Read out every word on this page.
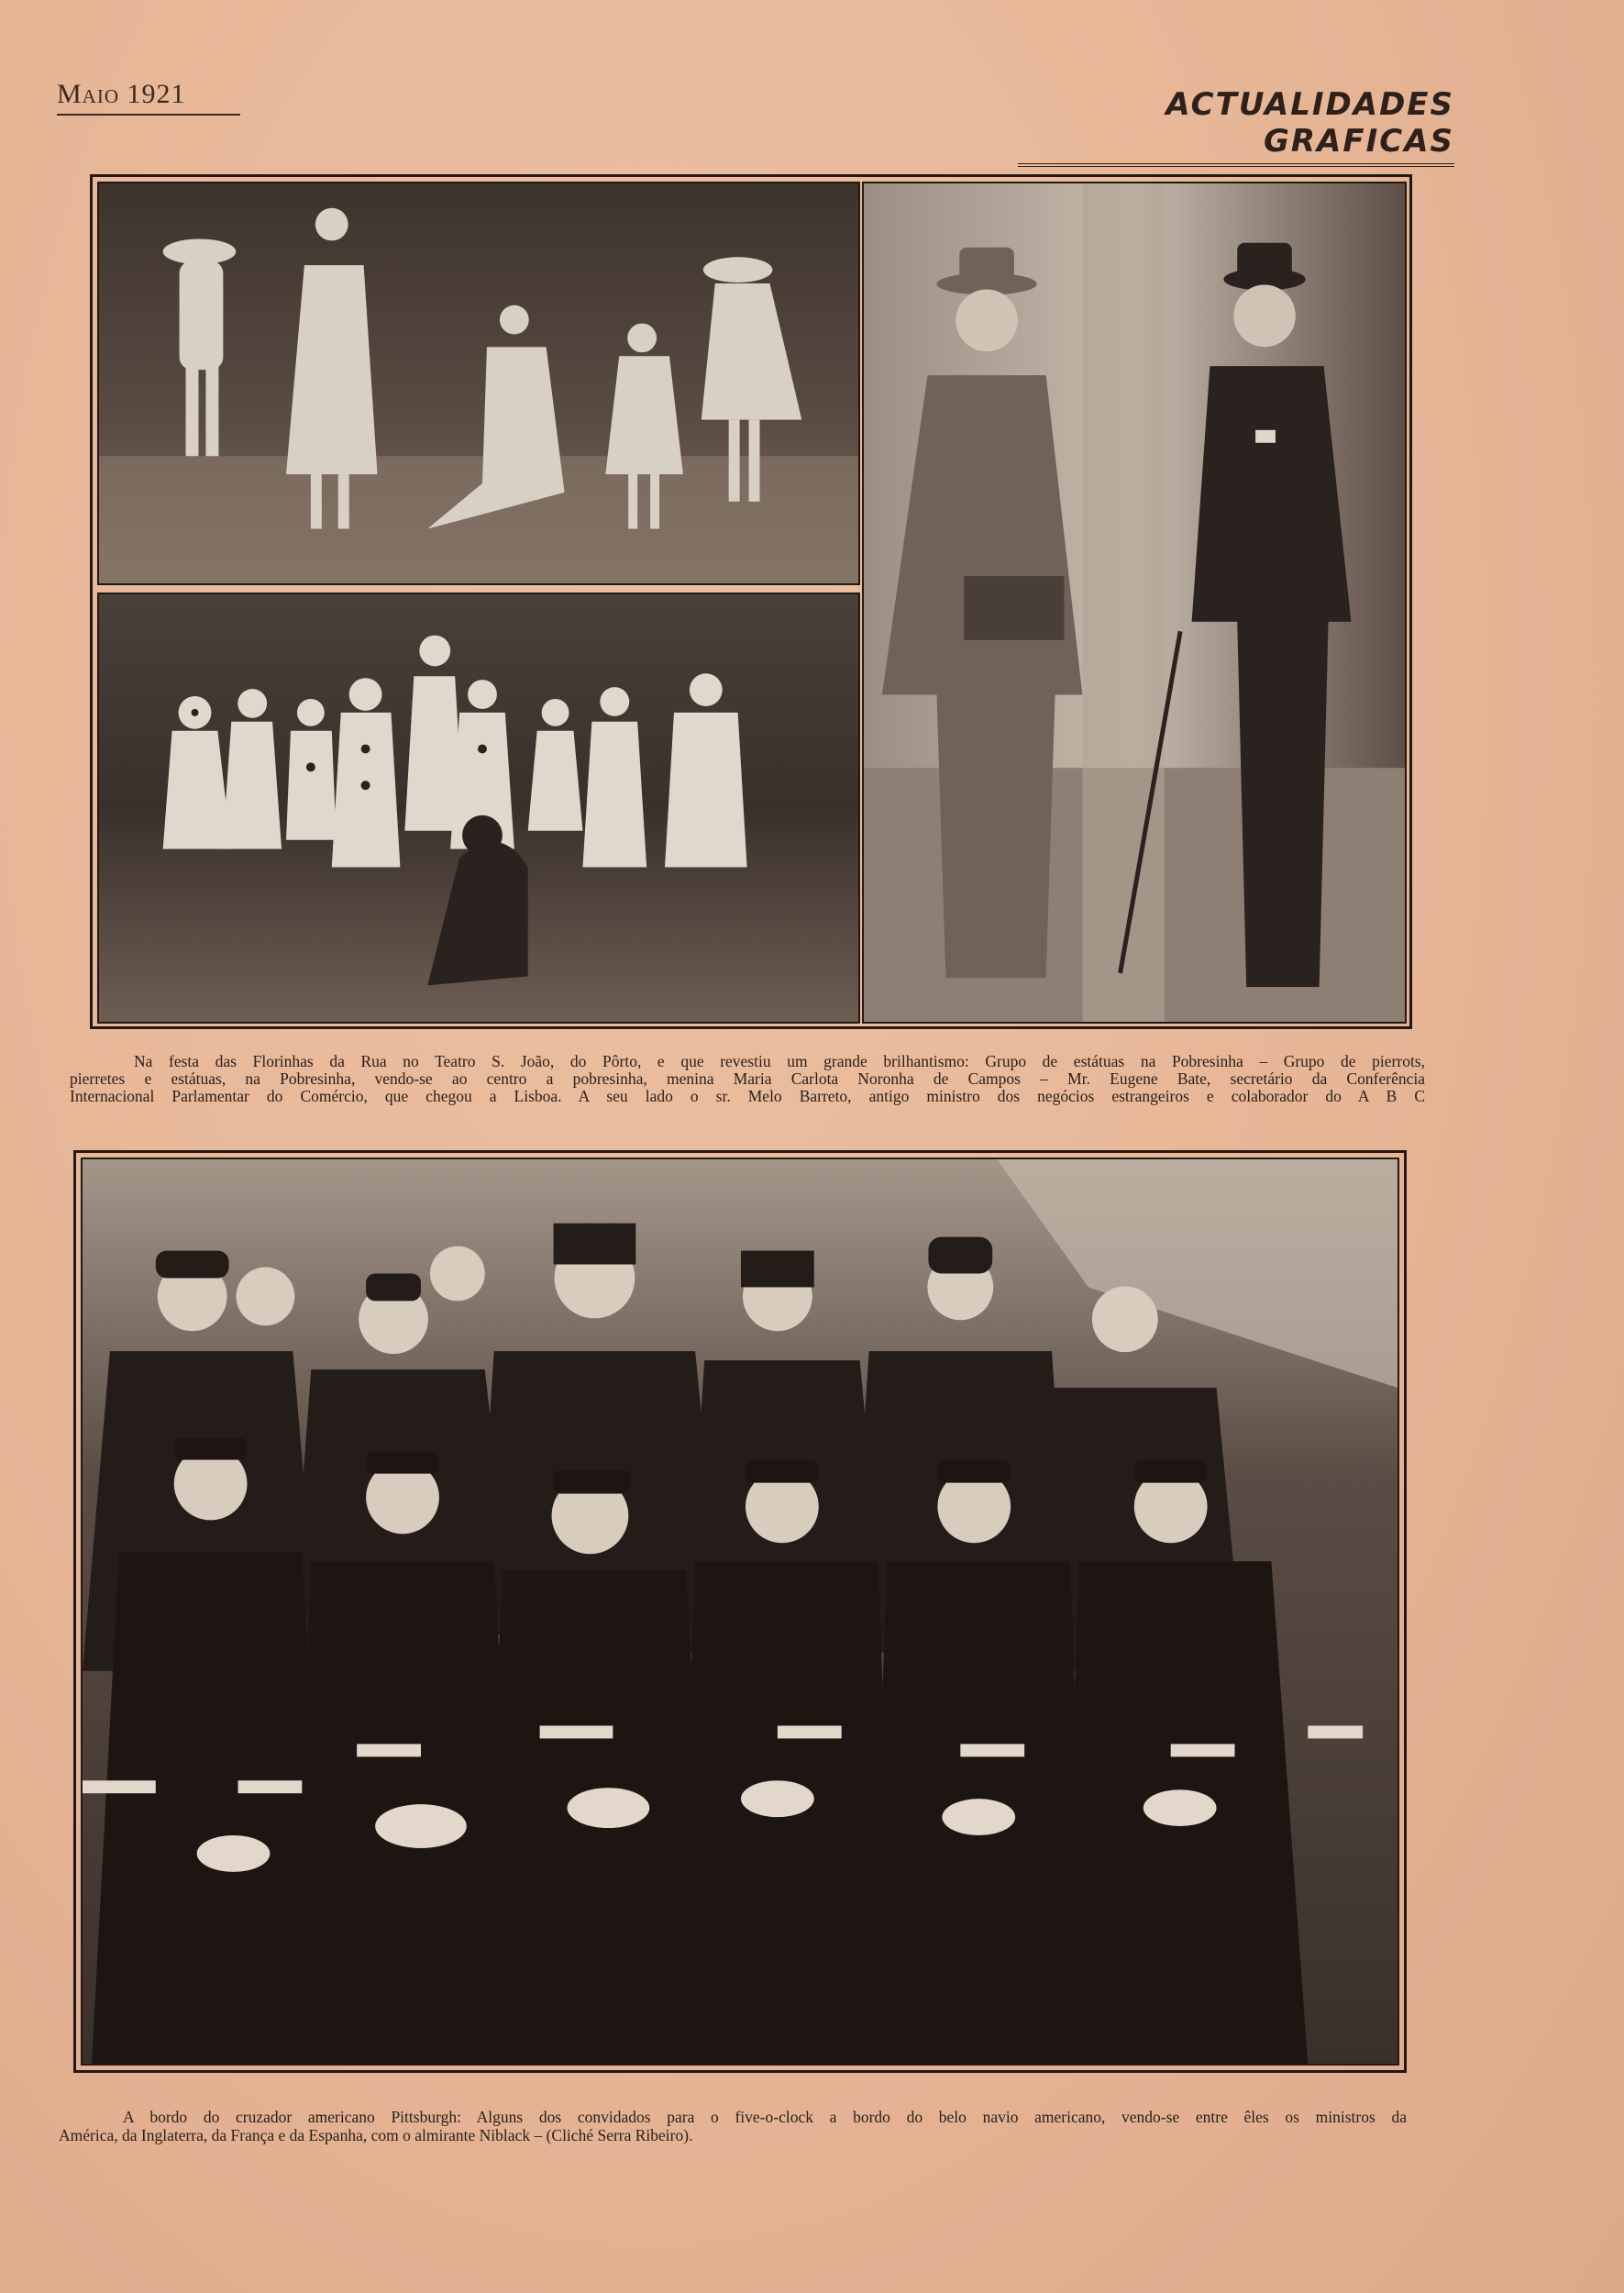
Maio 1921	ACTUALIDADES GRAFICAS
Na festa das Florinhas da Rua no Teatro S. João, do Pôrto, e que revestiu um grande brilhantismo: Grupo de estátuas na Pobresinha – Grupo de pierrots,
pierretes e estátuas, na Pobresinha, vendo-se ao centro a pobresinha, menina Maria Carlota Noronha de Campos – Mr. Eugene Bate, secretário da Conferência
Internacional Parlamentar do Comércio, que chegou a Lisboa. A seu lado o sr. Melo Barreto, antigo ministro dos negócios estrangeiros e colaborador do A B C
A bordo do cruzador americano Pittsburgh: Alguns dos convidados para o five-o-clock a bordo do belo navio americano, vendo-se entre êles os ministros da
América, da Inglaterra, da França e da Espanha, com o almirante Niblack – (Cliché Serra Ribeiro).
